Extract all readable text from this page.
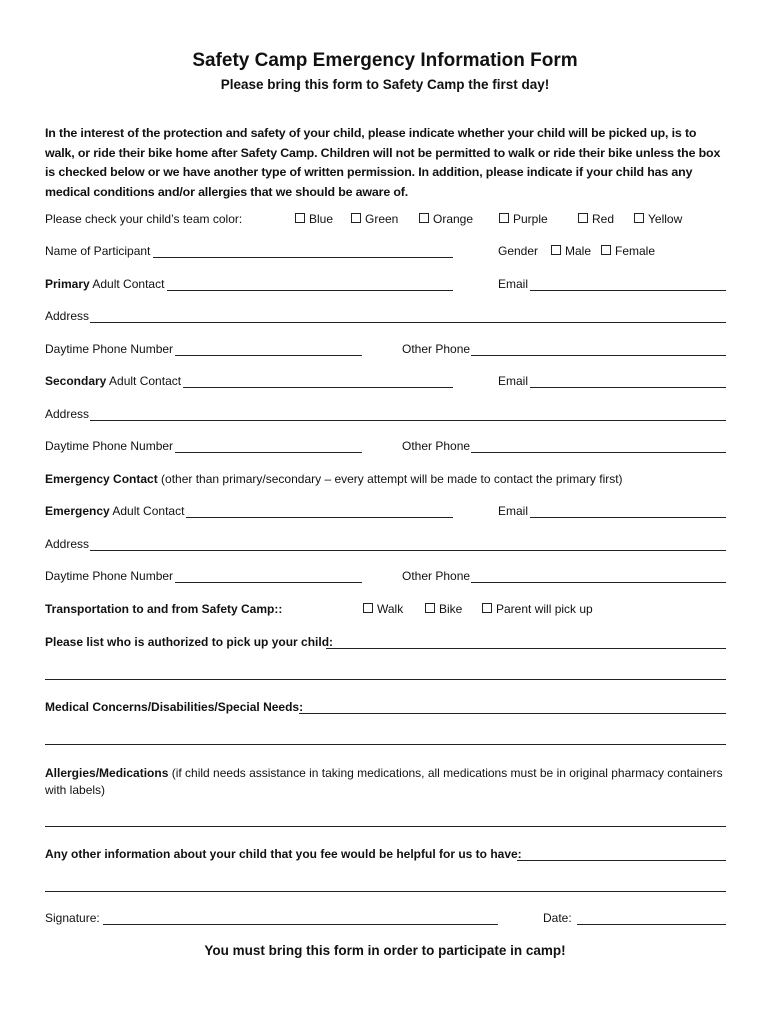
Safety Camp Emergency Information Form
Please bring this form to Safety Camp the first day!
In the interest of the protection and safety of your child, please indicate whether your child will be picked up, is to walk, or ride their bike home after Safety Camp. Children will not be permitted to walk or ride their bike unless the box is checked below or we have another type of written permission. In addition, please indicate if your child has any medical conditions and/or allergies that we should be aware of.
Please check your child’s team color:	Blue	Green	Orange	Purple	Red	Yellow
Name of Participant	Gender	Male	Female
Primary Adult Contact	Email
Address
Daytime Phone Number	Other Phone
Secondary Adult Contact	Email
Address
Daytime Phone Number	Other Phone
Emergency Contact (other than primary/secondary – every attempt will be made to contact the primary first)
Emergency Adult Contact	Email
Address
Daytime Phone Number	Other Phone
Transportation to and from Safety Camp::	Walk	Bike	Parent will pick up
Please list who is authorized to pick up your child:
Medical Concerns/Disabilities/Special Needs:
Allergies/Medications (if child needs assistance in taking medications, all medications must be in original pharmacy containers with labels)
Any other information about your child that you fee would be helpful for us to have:
Signature:	Date:
You must bring this form in order to participate in camp!
